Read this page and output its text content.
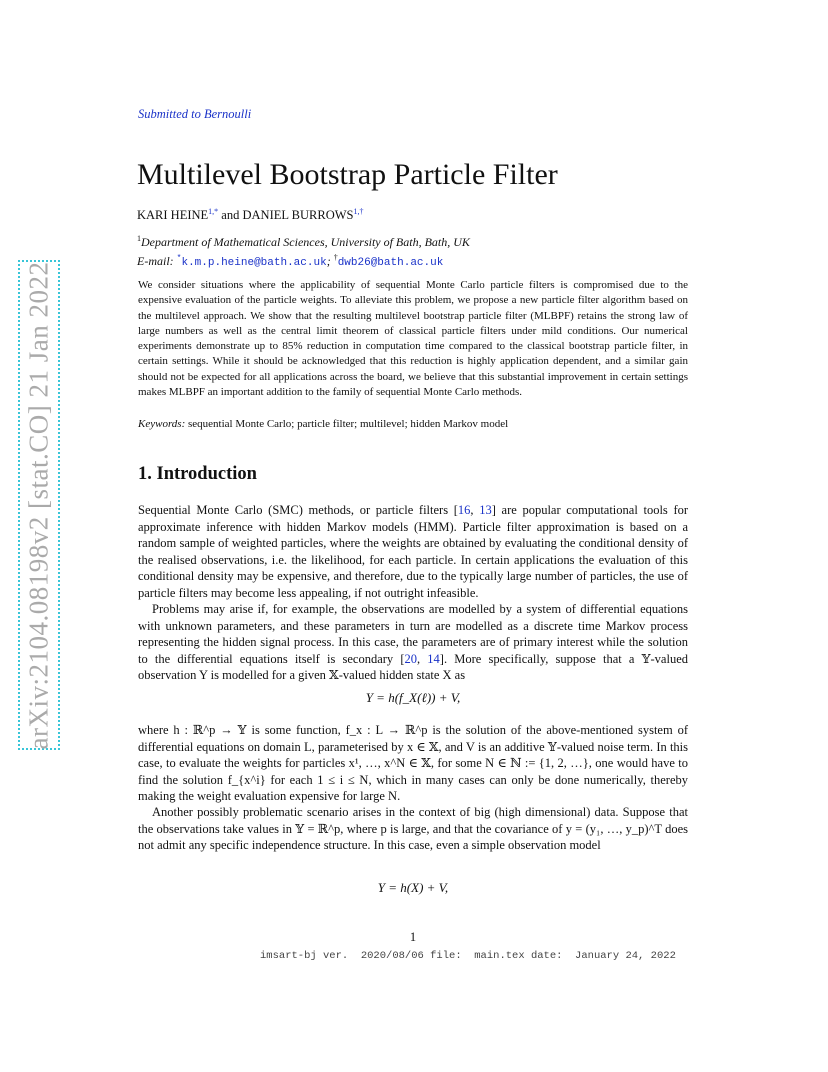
arXiv:2104.08198v2 [stat.CO] 21 Jan 2022
Submitted to Bernoulli
Multilevel Bootstrap Particle Filter
KARI $HEINE^{1,*}$ and DANIEL $BURROWS^{1,\dagger}$
$^1$Department of Mathematical Sciences, University of Bath, Bath, UK
E-mail: *k.m.p.heine@bath.ac.uk; †dwb26@bath.ac.uk
We consider situations where the applicability of sequential Monte Carlo particle filters is compromised due to the expensive evaluation of the particle weights. To alleviate this problem, we propose a new particle filter algorithm based on the multilevel approach. We show that the resulting multilevel bootstrap particle filter (MLBPF) retains the strong law of large numbers as well as the central limit theorem of classical particle filters under mild conditions. Our numerical experiments demonstrate up to 85% reduction in computation time compared to the classical bootstrap particle filter, in certain settings. While it should be acknowledged that this reduction is highly application dependent, and a similar gain should not be expected for all applications across the board, we believe that this substantial improvement in certain settings makes MLBPF an important addition to the family of sequential Monte Carlo methods.
Keywords: sequential Monte Carlo; particle filter; multilevel; hidden Markov model
1. Introduction

Sequential Monte Carlo (SMC) methods, or particle filters [16, 13] are popular computational tools for approximate inference with hidden Markov models (HMM). Particle filter approximation is based on a random sample of weighted particles, where the weights are obtained by evaluating the conditional density of the realised observations, i.e. the likelihood, for each particle. In certain applications the evaluation of this conditional density may be expensive, and therefore, due to the typically large number of particles, the use of particle filters may become less appealing, if not outright infeasible.

Problems may arise if, for example, the observations are modelled by a system of differential equations with unknown parameters, and these parameters in turn are modelled as a discrete time Markov process representing the hidden signal process. In this case, the parameters are of primary interest while the solution to the differential equations itself is secondary [20, 14]. More specifically, suppose that a 𝕐-valued observation Y is modelled for a given 𝕏-valued hidden state X as

Y = h(f_X(ℓ)) + V,
where h : ℝ^p → 𝕐 is some function, f_x : L → ℝ^p is the solution of the above-mentioned system of differential equations on domain L, parameterised by x ∈ 𝕏, and V is an additive 𝕐-valued noise term. In this case, to evaluate the weights for particles x¹, …, x^N ∈ 𝕏, for some N ∈ ℕ := {1, 2, …}, one would have to find the solution f_{x^i} for each 1 ≤ i ≤ N, which in many cases can only be done numerically, thereby making the weight evaluation expensive for large N.
Another possibly problematic scenario arises in the context of big (high dimensional) data. Suppose that the observations take values in 𝕐 = ℝ^p, where p is large, and that the covariance of y = (y₁, …, y_p)^T does not admit any specific independence structure. In this case, even a simple observation model
Y = h(X) + V,
1
imsart-bj ver.  2020/08/06 file:  main.tex date:  January 24, 2022
